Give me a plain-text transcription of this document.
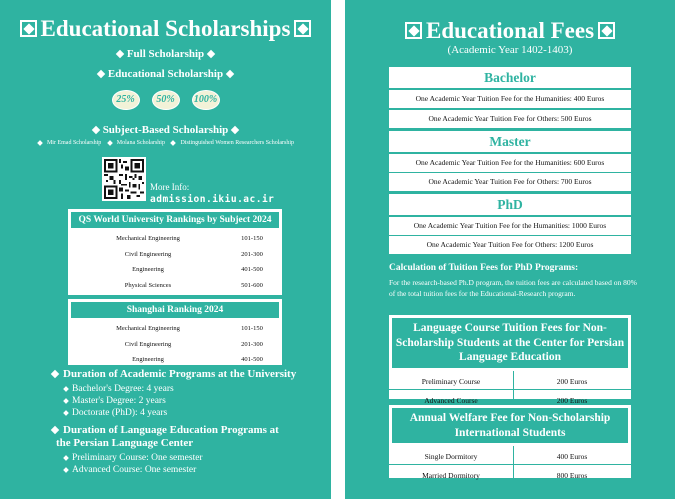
Educational Scholarships
Full Scholarship
Educational Scholarship
25% 50% 100%
Subject-Based Scholarship
Mir Emad Scholarship	Molana Scholarship	Distinguished Women Researchers Scholarship
More Info:
admission.ikiu.ac.ir
QS World University Rankings by Subject 2024
Mechanical Engineering	101-150
Civil Engineering	201-300
Engineering	401-500
Physical Sciences	501-600
Shanghai Ranking 2024
Mechanical Engineering	101-150
Civil Engineering	201-300
Engineering	401-500
Duration of Academic Programs at the University
Bachelor's Degree: 4 years
Master's Degree: 2 years
Doctorate (PhD): 4 years
Duration of Language Education Programs at
the Persian Language Center
Preliminary Course: One semester
Advanced Course: One semester
Educational Fees
(Academic Year 1402-1403)
Bachelor
One Academic Year Tuition Fee for the Humanities: 400 Euros
One Academic Year Tuition Fee for Others: 500 Euros
Master
One Academic Year Tuition Fee for the Humanities: 600 Euros
One Academic Year Tuition Fee for Others: 700 Euros
PhD
One Academic Year Tuition Fee for the Humanities: 1000 Euros
One Academic Year Tuition Fee for Others: 1200 Euros
Calculation of Tuition Fees for PhD Programs:
For the research-based Ph.D program, the tuition fees are calculated based on 80% of the total tuition fees for the Educational-Research program.
Language Course Tuition Fees for Non-Scholarship Students at the Center for Persian Language Education
Preliminary Course	200 Euros
Advanced Course	200 Euros
Annual Welfare Fee for Non-Scholarship International Students
Single Dormitory	400 Euros
Married Dormitory	800 Euros
